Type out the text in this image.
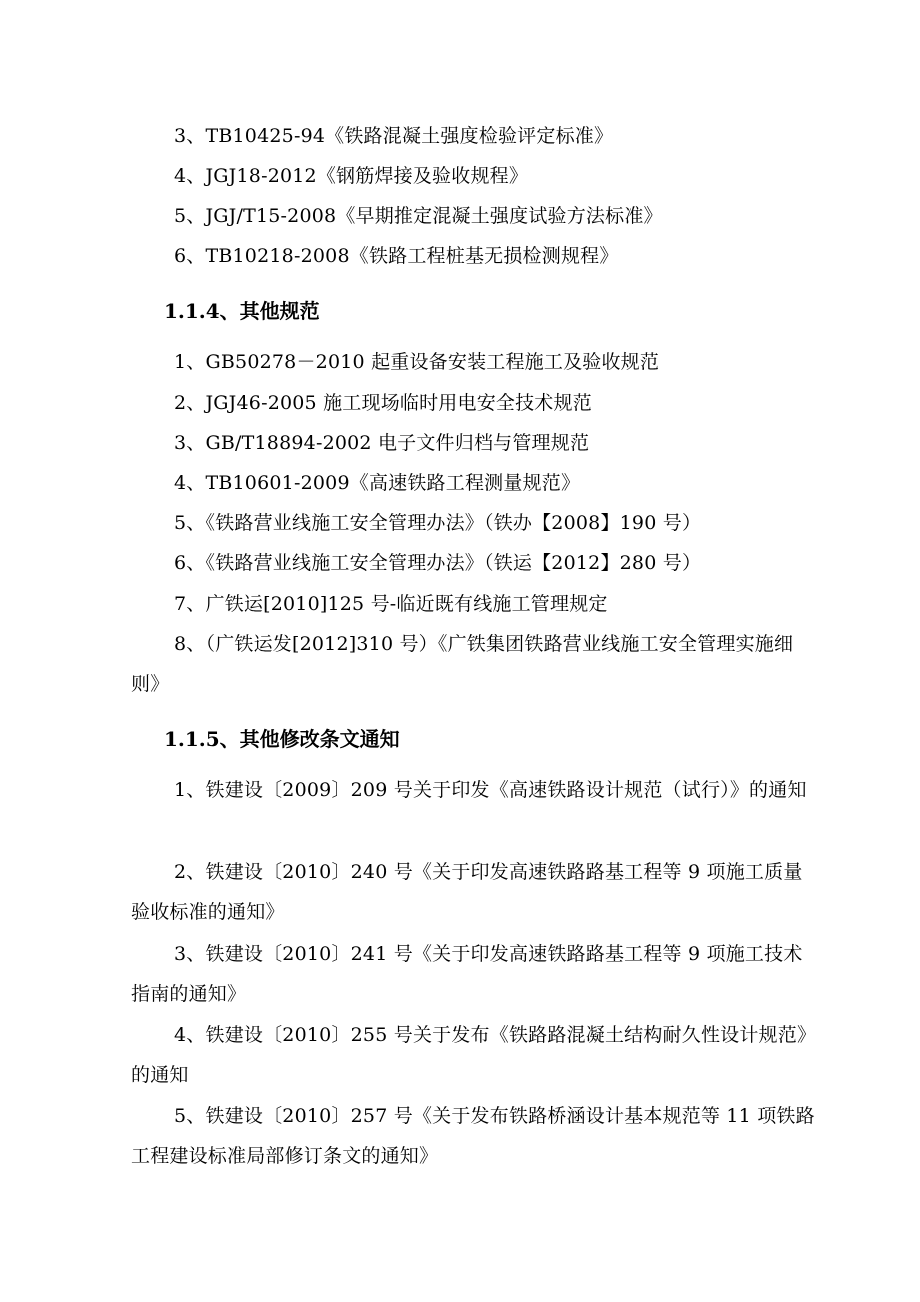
3、TB10425-94《铁路混凝土强度检验评定标准》
4、JGJ18-2012《钢筋焊接及验收规程》
5、JGJ/T15-2008《早期推定混凝土强度试验方法标准》
6、TB10218-2008《铁路工程桩基无损检测规程》
1.1.4、其他规范
1、GB50278－2010 起重设备安装工程施工及验收规范
2、JGJ46-2005 施工现场临时用电安全技术规范
3、GB/T18894-2002 电子文件归档与管理规范
4、TB10601-2009《高速铁路工程测量规范》
5、《铁路营业线施工安全管理办法》（铁办【2008】190 号）
6、《铁路营业线施工安全管理办法》（铁运【2012】280 号）
7、广铁运[2010]125 号-临近既有线施工管理规定
8、（广铁运发[2012]310 号）《广铁集团铁路营业线施工安全管理实施细则》
1.1.5、其他修改条文通知
1、铁建设〔2009〕209 号关于印发《高速铁路设计规范（试行）》的通知
2、铁建设〔2010〕240 号《关于印发高速铁路路基工程等 9 项施工质量验收标准的通知》
3、铁建设〔2010〕241 号《关于印发高速铁路路基工程等 9 项施工技术指南的通知》
4、铁建设〔2010〕255 号关于发布《铁路路混凝土结构耐久性设计规范》的通知
5、铁建设〔2010〕257 号《关于发布铁路桥涵设计基本规范等 11 项铁路工程建设标准局部修订条文的通知》
